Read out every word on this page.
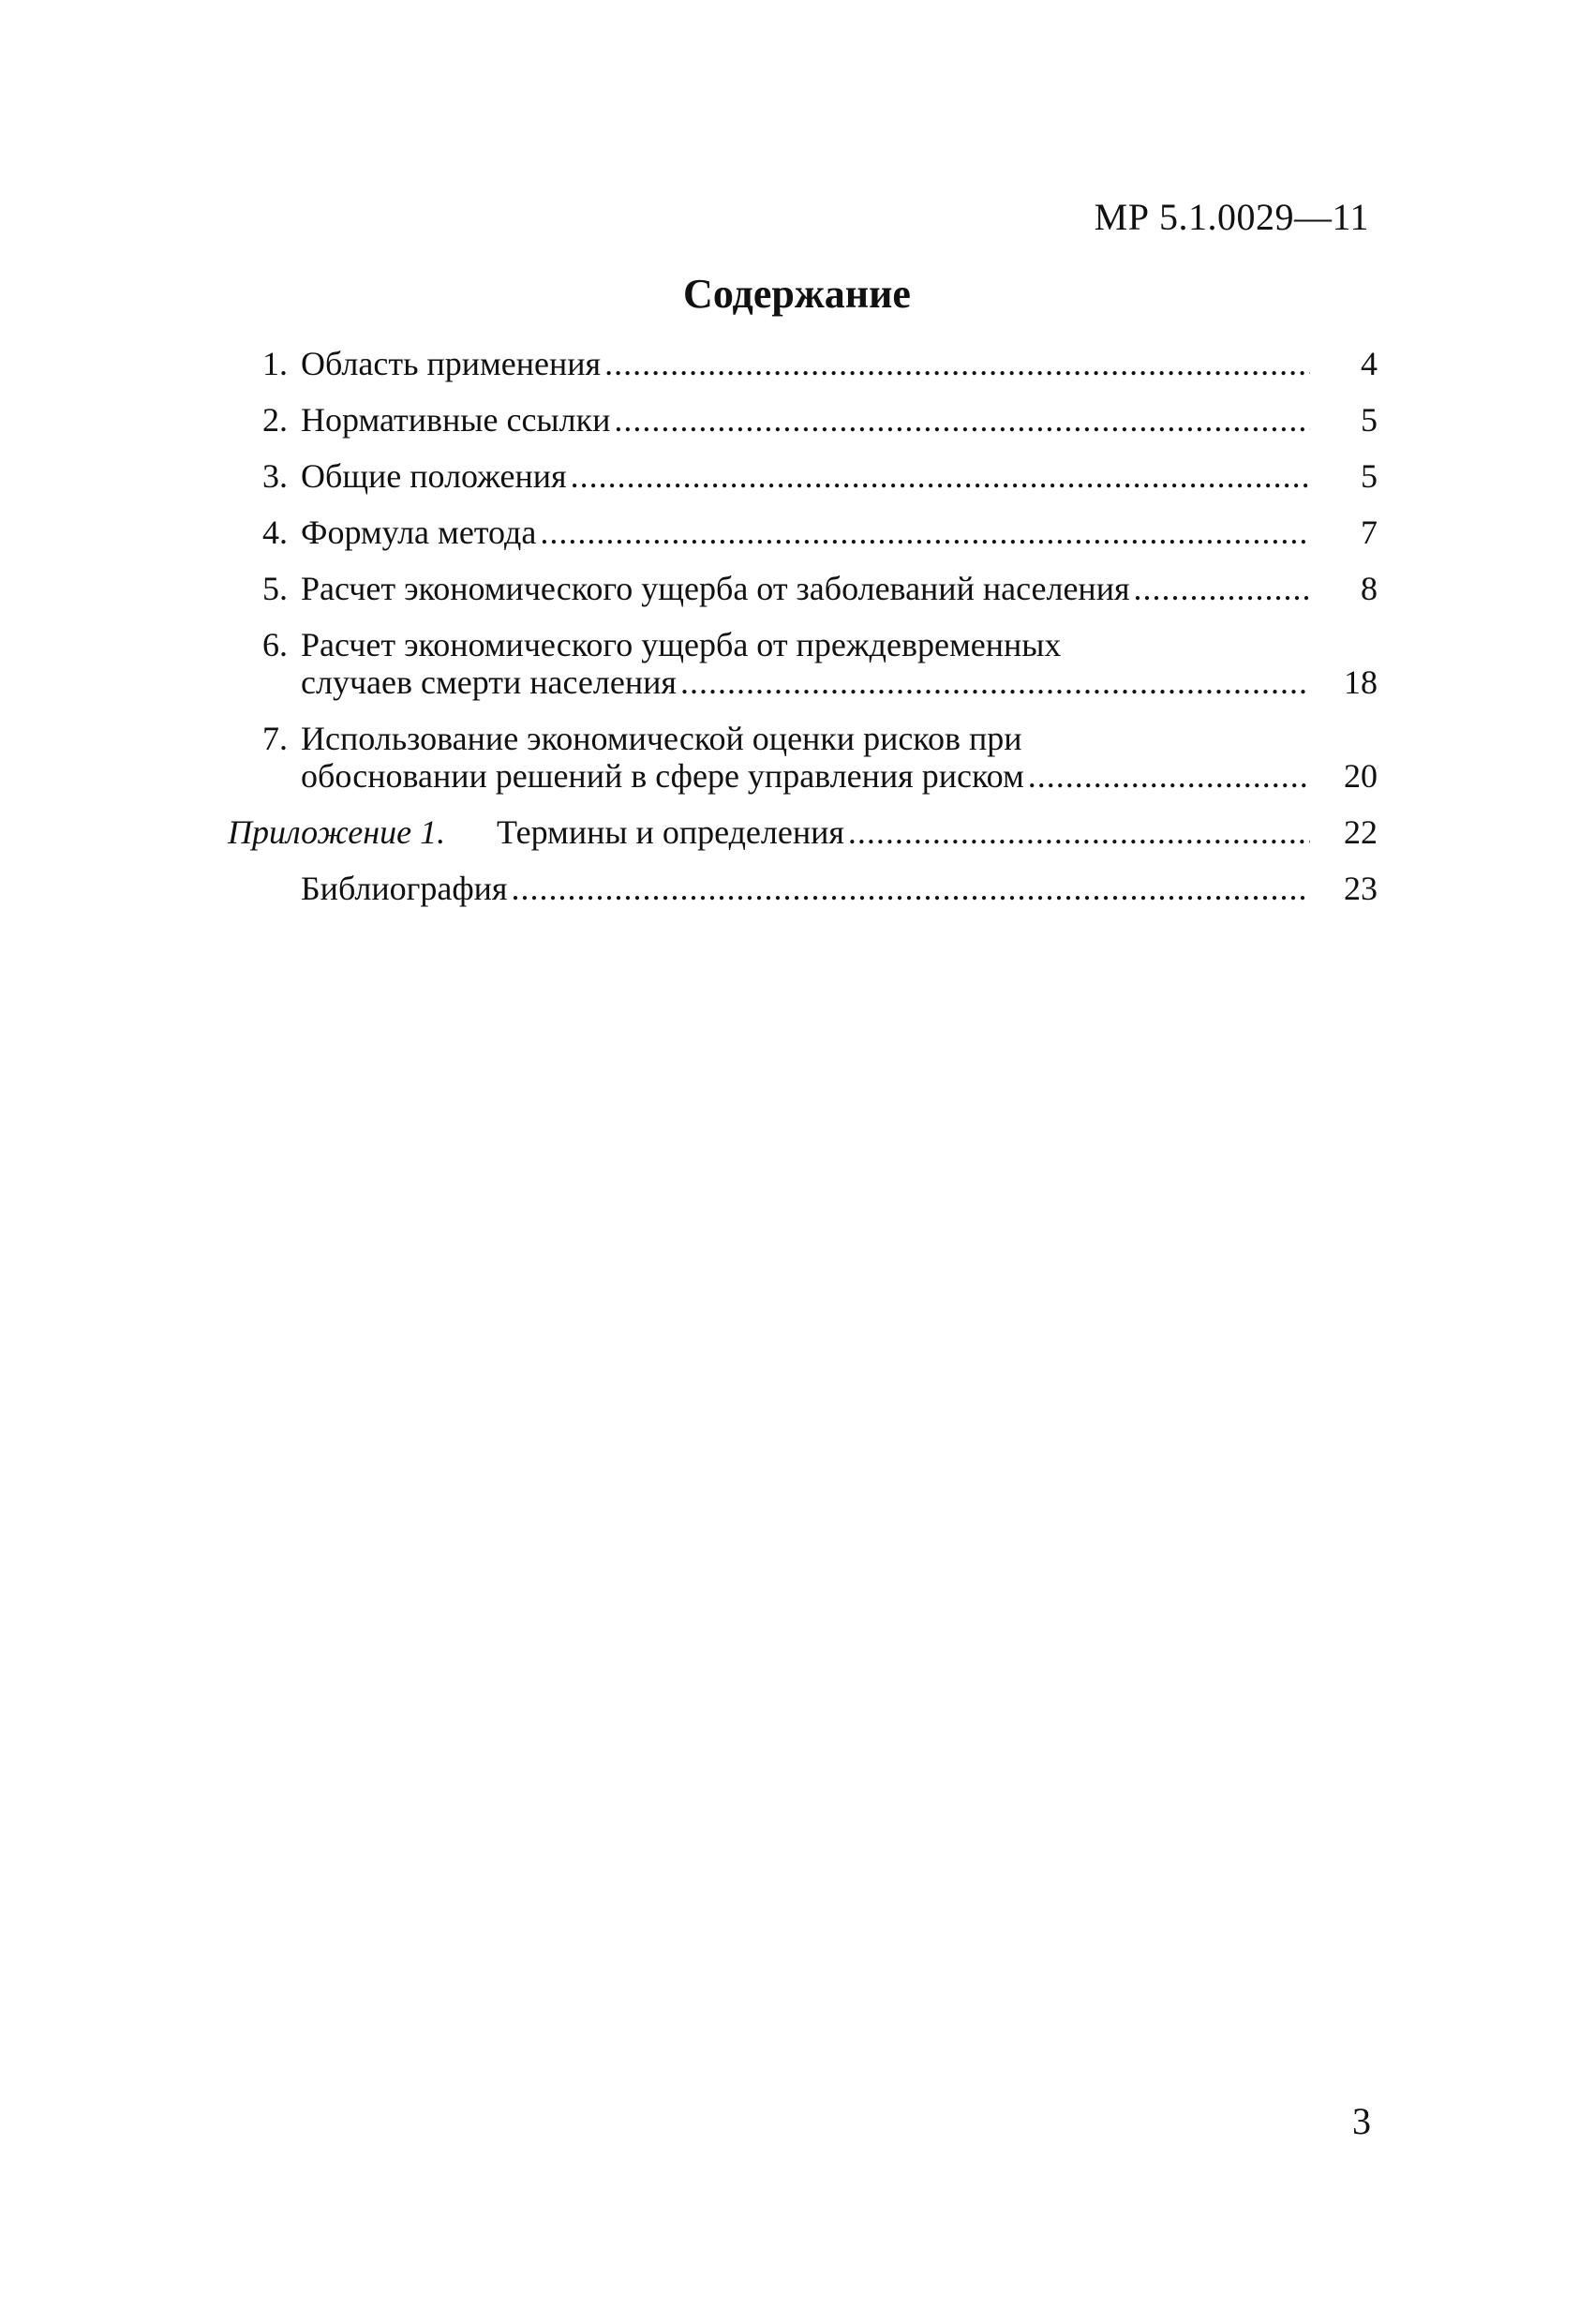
МР 5.1.0029—11
Содержание
1. Область применения . . .	4
2. Нормативные ссылки . . .	5
3. Общие положения . . .	5
4. Формула метода . . .	7
5. Расчет экономического ущерба от заболеваний населения . . .	8
6. Расчет экономического ущерба от преждевременных
случаев смерти населения . . .	18
7. Использование экономической оценки рисков при
обосновании решений в сфере управления риском . . .	20
Приложение 1.	Термины и определения . . .	22
Библиография . . .	23
3
